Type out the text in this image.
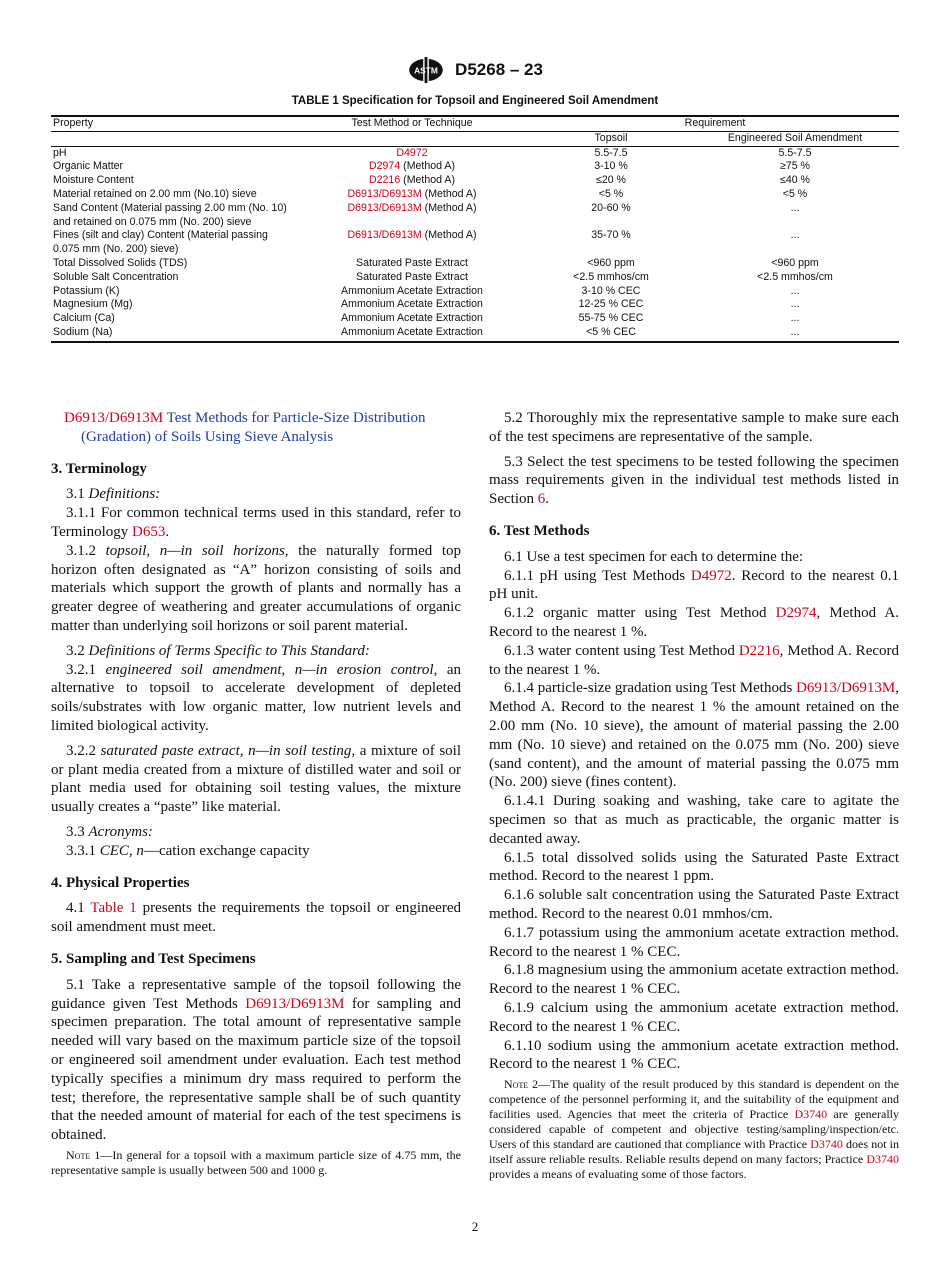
ASTM D5268 – 23
TABLE 1 Specification for Topsoil and Engineered Soil Amendment
Property	Test Method or Technique	Requirement	
		Topsoil	Engineered Soil Amendment
pH	D4972	5.5-7.5	5.5-7.5
Organic Matter	D2974 (Method A)	3-10 %	≥75 %
Moisture Content	D2216 (Method A)	≤20 %	≤40 %
Material retained on 2.00 mm (No.10) sieve	D6913/D6913M (Method A)	<5 %	<5 %
Sand Content (Material passing 2.00 mm (No. 10) and retained on 0.075 mm (No. 200) sieve	D6913/D6913M (Method A)	20-60 %	...
Fines (silt and clay) Content (Material passing 0.075 mm (No. 200) sieve)	D6913/D6913M (Method A)	35-70 %	...
Total Dissolved Solids (TDS)	Saturated Paste Extract	<960 ppm	<960 ppm
Soluble Salt Concentration	Saturated Paste Extract	<2.5 mmhos/cm	<2.5 mmhos/cm
Potassium (K)	Ammonium Acetate Extraction	3-10 % CEC	...
Magnesium (Mg)	Ammonium Acetate Extraction	12-25 % CEC	...
Calcium (Ca)	Ammonium Acetate Extraction	55-75 % CEC	...
Sodium (Na)	Ammonium Acetate Extraction	<5 % CEC	...

D6913/D6913M Test Methods for Particle-Size Distribution (Gradation) of Soils Using Sieve Analysis

3. Terminology

3.1 Definitions:

3.1.1 For common technical terms used in this standard, refer to Terminology D653.

3.1.2 topsoil, n—in soil horizons, the naturally formed top horizon often designated as “A” horizon consisting of soils and materials which support the growth of plants and normally has a greater degree of weathering and greater accumulations of organic matter than underlying soil horizons or soil parent material.

3.2 Definitions of Terms Specific to This Standard:

3.2.1 engineered soil amendment, n—in erosion control, an alternative to topsoil to accelerate development of depleted soils/substrates with low organic matter, low nutrient levels and limited biological activity.

3.2.2 saturated paste extract, n—in soil testing, a mixture of soil or plant media created from a mixture of distilled water and soil or plant media used for obtaining soil testing values, the mixture usually creates a “paste” like material.

3.3 Acronyms:

3.3.1 CEC, n—cation exchange capacity

4. Physical Properties

4.1 Table 1 presents the requirements the topsoil or engineered soil amendment must meet.

5. Sampling and Test Specimens

5.1 Take a representative sample of the topsoil following the guidance given Test Methods D6913/D6913M for sampling and specimen preparation. The total amount of representative sample needed will vary based on the maximum particle size of the topsoil or engineered soil amendment under evaluation. Each test method typically specifies a minimum dry mass required to perform the test; therefore, the representative sample shall be of such quantity that the needed amount of material for each of the test specimens is obtained.

Note 1—In general for a topsoil with a maximum particle size of 4.75 mm, the representative sample is usually between 500 and 1000 g.

5.2 Thoroughly mix the representative sample to make sure each of the test specimens are representative of the sample.

5.3 Select the test specimens to be tested following the specimen mass requirements given in the individual test methods listed in Section 6.

6. Test Methods

6.1 Use a test specimen for each to determine the:

6.1.1 pH using Test Methods D4972. Record to the nearest 0.1 pH unit.

6.1.2 organic matter using Test Method D2974, Method A. Record to the nearest 1 %.

6.1.3 water content using Test Method D2216, Method A. Record to the nearest 1 %.

6.1.4 particle-size gradation using Test Methods D6913/D6913M, Method A. Record to the nearest 1 % the amount retained on the 2.00 mm (No. 10 sieve), the amount of material passing the 2.00 mm (No. 10 sieve) and retained on the 0.075 mm (No. 200) sieve (sand content), and the amount of material passing the 0.075 mm (No. 200) sieve (fines content).

6.1.4.1 During soaking and washing, take care to agitate the specimen so that as much as practicable, the organic matter is decanted away.

6.1.5 total dissolved solids using the Saturated Paste Extract method. Record to the nearest 1 ppm.

6.1.6 soluble salt concentration using the Saturated Paste Extract method. Record to the nearest 0.01 mmhos/cm.

6.1.7 potassium using the ammonium acetate extraction method. Record to the nearest 1 % CEC.

6.1.8 magnesium using the ammonium acetate extraction method. Record to the nearest 1 % CEC.

6.1.9 calcium using the ammonium acetate extraction method. Record to the nearest 1 % CEC.

6.1.10 sodium using the ammonium acetate extraction method. Record to the nearest 1 % CEC.

Note 2—The quality of the result produced by this standard is dependent on the competence of the personnel performing it, and the suitability of the equipment and facilities used. Agencies that meet the criteria of Practice D3740 are generally considered capable of competent and objective testing/sampling/inspection/etc. Users of this standard are cautioned that compliance with Practice D3740 does not in itself assure reliable results. Reliable results depend on many factors; Practice D3740 provides a means of evaluating some of those factors.

2
